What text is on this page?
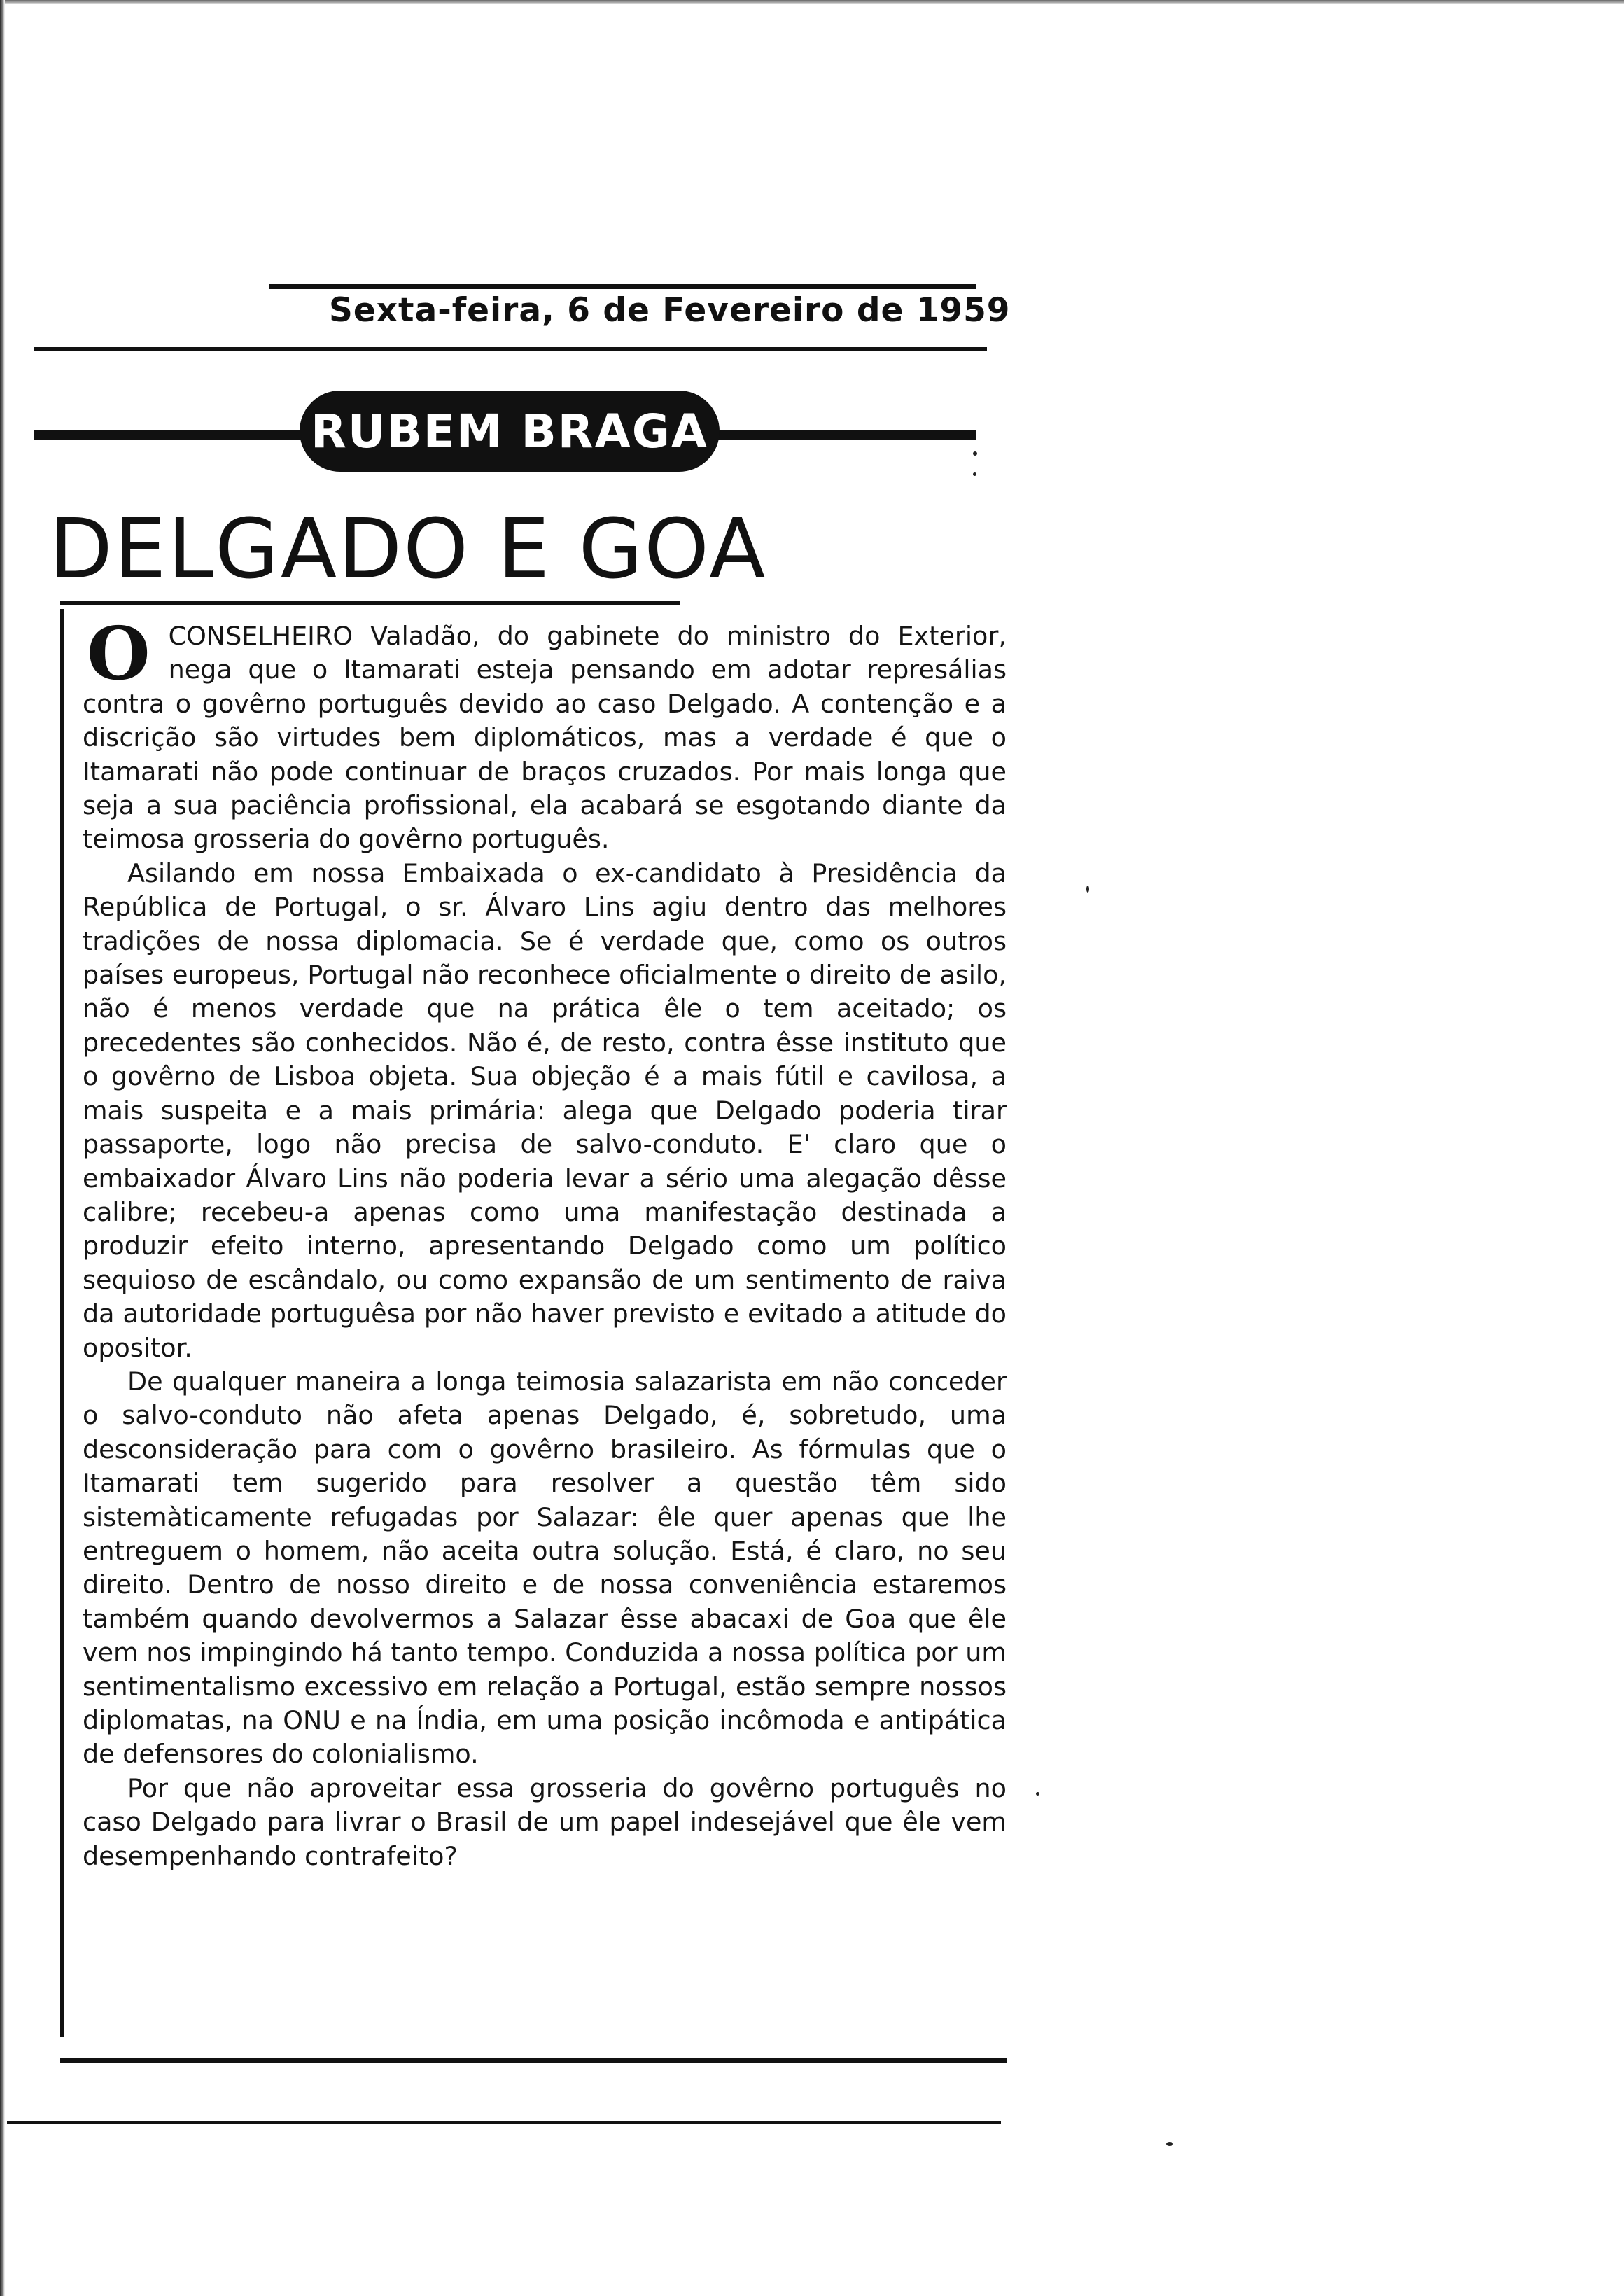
Sexta-feira, 6 de Fevereiro de 1959
RUBEM BRAGA
DELGADO E GOA

O CONSELHEIRO Valadão, do gabinete do ministro do Exterior, nega que o Itamarati esteja pensando em adotar represálias contra o govêrno português devido ao caso Delgado. A contenção e a discrição são virtudes bem diplomáticos, mas a verdade é que o Itamarati não pode continuar de braços cruzados. Por mais longa que seja a sua paciência profissional, ela acabará se esgotando diante da teimosa grosseria do govêrno português.

Asilando em nossa Embaixada o ex-candidato à Presidência da República de Portugal, o sr. Álvaro Lins agiu dentro das melhores tradições de nossa diplomacia. Se é verdade que, como os outros países europeus, Portugal não reconhece oficialmente o direito de asilo, não é menos verdade que na prática êle o tem aceitado; os precedentes são conhecidos. Não é, de resto, contra êsse instituto que o govêrno de Lisboa objeta. Sua objeção é a mais fútil e cavilosa, a mais suspeita e a mais primária: alega que Delgado poderia tirar passaporte, logo não precisa de salvo-conduto. E' claro que o embaixador Álvaro Lins não poderia levar a sério uma alegação dêsse calibre; recebeu-a apenas como uma manifestação destinada a produzir efeito interno, apresentando Delgado como um político sequioso de escândalo, ou como expansão de um sentimento de raiva da autoridade portuguêsa por não haver previsto e evitado a atitude do opositor.

De qualquer maneira a longa teimosia salazarista em não conceder o salvo-conduto não afeta apenas Delgado, é, sobretudo, uma desconsideração para com o govêrno brasileiro. As fórmulas que o Itamarati tem sugerido para resolver a questão têm sido sistemàticamente refugadas por Salazar: êle quer apenas que lhe entreguem o homem, não aceita outra solução. Está, é claro, no seu direito. Dentro de nosso direito e de nossa conveniência estaremos também quando devolvermos a Salazar êsse abacaxi de Goa que êle vem nos impingindo há tanto tempo. Conduzida a nossa política por um sentimentalismo excessivo em relação a Portugal, estão sempre nossos diplomatas, na ONU e na Índia, em uma posição incômoda e antipática de defensores do colonialismo.

Por que não aproveitar essa grosseria do govêrno português no caso Delgado para livrar o Brasil de um papel indesejável que êle vem desempenhando contrafeito?
